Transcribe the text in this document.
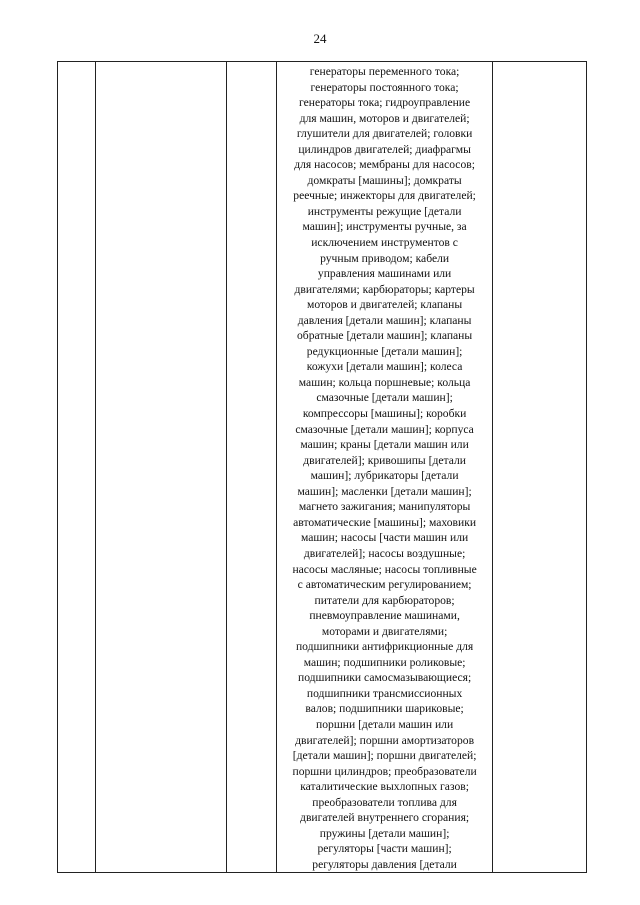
24

генераторы переменного тока;
генераторы постоянного тока;
генераторы тока; гидроуправление
для машин, моторов и двигателей;
глушители для двигателей; головки
цилиндров двигателей; диафрагмы
для насосов; мембраны для насосов;
домкраты [машины]; домкраты
реечные; инжекторы для двигателей;
инструменты режущие [детали
машин]; инструменты ручные, за
исключением инструментов с
ручным приводом; кабели
управления машинами или
двигателями; карбюраторы; картеры
моторов и двигателей; клапаны
давления [детали машин]; клапаны
обратные [детали машин]; клапаны
редукционные [детали машин];
кожухи [детали машин]; колеса
машин; кольца поршневые; кольца
смазочные [детали машин];
компрессоры [машины]; коробки
смазочные [детали машин]; корпуса
машин; краны [детали машин или
двигателей]; кривошипы [детали
машин]; лубрикаторы [детали
машин]; масленки [детали машин];
магнето зажигания; манипуляторы
автоматические [машины]; маховики
машин; насосы [части машин или
двигателей]; насосы воздушные;
насосы масляные; насосы топливные
с автоматическим регулированием;
питатели для карбюраторов;
пневмоуправление машинами,
моторами и двигателями;
подшипники антифрикционные для
машин; подшипники роликовые;
подшипники самосмазывающиеся;
подшипники трансмиссионных
валов; подшипники шариковые;
поршни [детали машин или
двигателей]; поршни амортизаторов
[детали машин]; поршни двигателей;
поршни цилиндров; преобразователи
каталитические выхлопных газов;
преобразователи топлива для
двигателей внутреннего сгорания;
пружины [детали машин];
регуляторы [части машин];
регуляторы давления [детали
